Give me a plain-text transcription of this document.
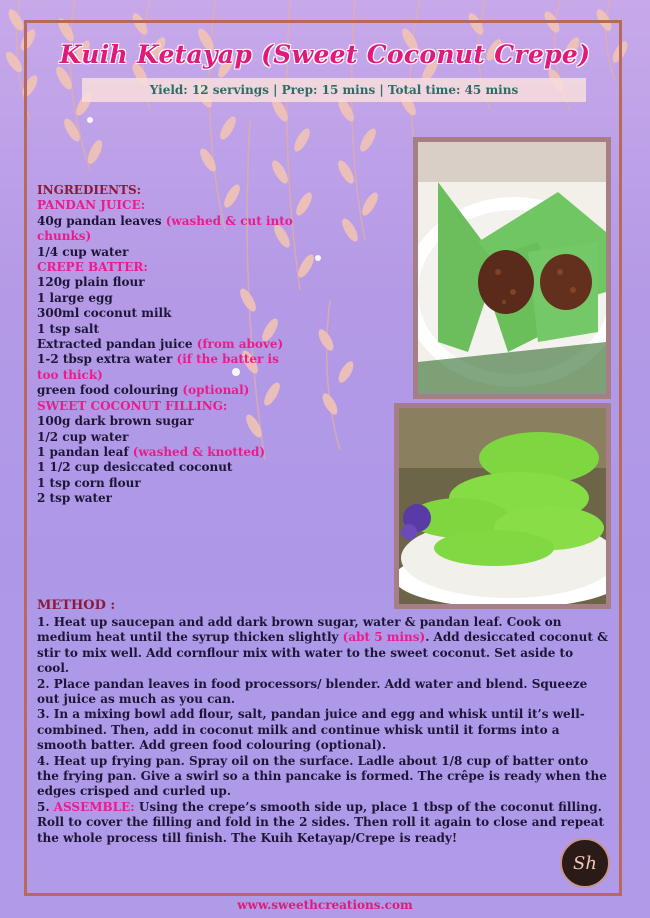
Kuih Ketayap (Sweet Coconut Crepe)
Yield: 12 servings | Prep: 15 mins | Total time: 45 mins
INGREDIENTS:
PANDAN JUICE:
40g pandan leaves (washed & cut into chunks)
1/4 cup water
CREPE BATTER:
120g plain flour
1 large egg
300ml coconut milk
1 tsp salt
Extracted pandan juice (from above)
1-2 tbsp extra water (if the batter is too thick)
green food colouring (optional)
SWEET COCONUT FILLING:
100g dark brown sugar
1/2 cup water
1 pandan leaf (washed & knotted)
1 1/2 cup desiccated coconut
1 tsp corn flour
2 tsp water
METHOD :

1. Heat up saucepan and add dark brown sugar, water & pandan leaf. Cook on medium heat until the syrup thicken slightly (abt 5 mins). Add desiccated coconut & stir to mix well. Add cornflour mix with water to the sweet coconut. Set aside to cool.

2. Place pandan leaves in food processors/ blender. Add water and blend. Squeeze out juice as much as you can.

3. In a mixing bowl add flour, salt, pandan juice and egg and whisk until it’s well-combined. Then, add in coconut milk and continue whisk until it forms into a smooth batter. Add green food colouring (optional).

4. Heat up frying pan. Spray oil on the surface. Ladle about 1/8 cup of batter onto the frying pan. Give a swirl so a thin pancake is formed. The crêpe is ready when the edges crisped and curled up.

5. ASSEMBLE: Using the crepe’s smooth side up, place 1 tbsp of the coconut filling. Roll to cover the filling and fold in the 2 sides. Then roll it again to close and repeat the whole process till finish. The Kuih Ketayap/Crepe is ready!

Sh
www.sweethcreations.com
